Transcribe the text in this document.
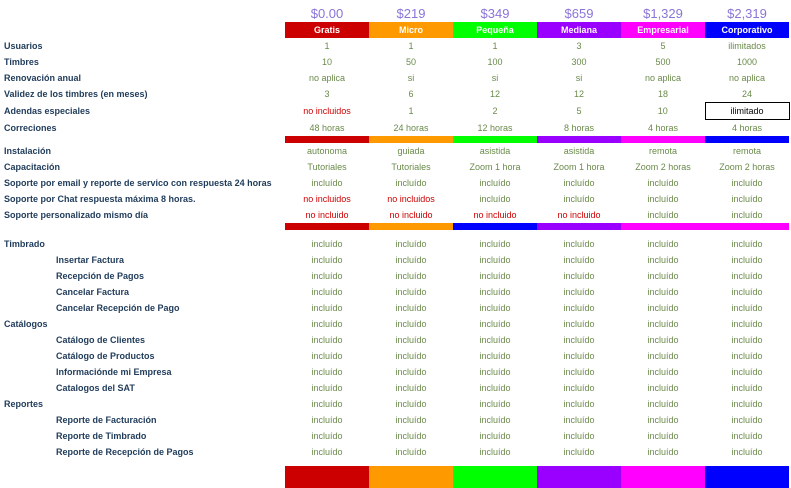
	$0.00	$219	$349	$659	$1,329	$2,319
	Gratis	Micro	Pequeña	Mediana	Empresarial	Corporativo
Usuarios	1	1	1	3	5	ilimitados
Timbres	10	50	100	300	500	1000
Renovación anual	no aplica	si	si	si	no aplica	no aplica
Validez de los timbres (en meses)	3	6	12	12	18	24
Adendas especiales	no incluidos	1	2	5	10	ilimitado
Correciones	48 horas	24 horas	12 horas	8 horas	4 horas	4 horas

Instalación	autonoma	guiada	asistida	asistida	remota	remota
Capacitación	Tutoriales	Tutoriales	Zoom 1 hora	Zoom 1 hora	Zoom 2 horas	Zoom 2 horas
Soporte por email y reporte de servico con respuesta 24 horas	incluído	incluído	incluído	incluído	incluído	incluído
Soporte por Chat respuesta máxima 8 horas.	no incluidos	no incluidos	incluído	incluído	incluído	incluído
Soporte personalizado mismo día	no incluido	no incluido	no incluido	no incluido	incluído	incluído

Timbrado	incluído	incluído	incluído	incluído	incluído	incluído
Insertar Factura	incluído	incluído	incluído	incluído	incluído	incluído
Recepción de Pagos	incluído	incluído	incluído	incluído	incluído	incluído
Cancelar Factura	incluído	incluído	incluído	incluído	incluído	incluído
Cancelar Recepción de Pago	incluído	incluído	incluído	incluído	incluído	incluído
Catálogos	incluído	incluído	incluído	incluído	incluído	incluído
Catálogo de Clientes	incluído	incluído	incluído	incluído	incluído	incluído
Catálogo de Productos	incluído	incluído	incluído	incluído	incluído	incluído
Informaciónde mi Empresa	incluído	incluído	incluído	incluído	incluído	incluído
Catalogos del SAT	incluído	incluído	incluído	incluído	incluído	incluído
Reportes	incluído	incluído	incluído	incluído	incluído	incluído
Reporte de Facturación	incluído	incluído	incluído	incluído	incluído	incluído
Reporte de Timbrado	incluído	incluído	incluído	incluído	incluído	incluído
Reporte de Recepción de Pagos	incluído	incluído	incluído	incluído	incluído	incluído
